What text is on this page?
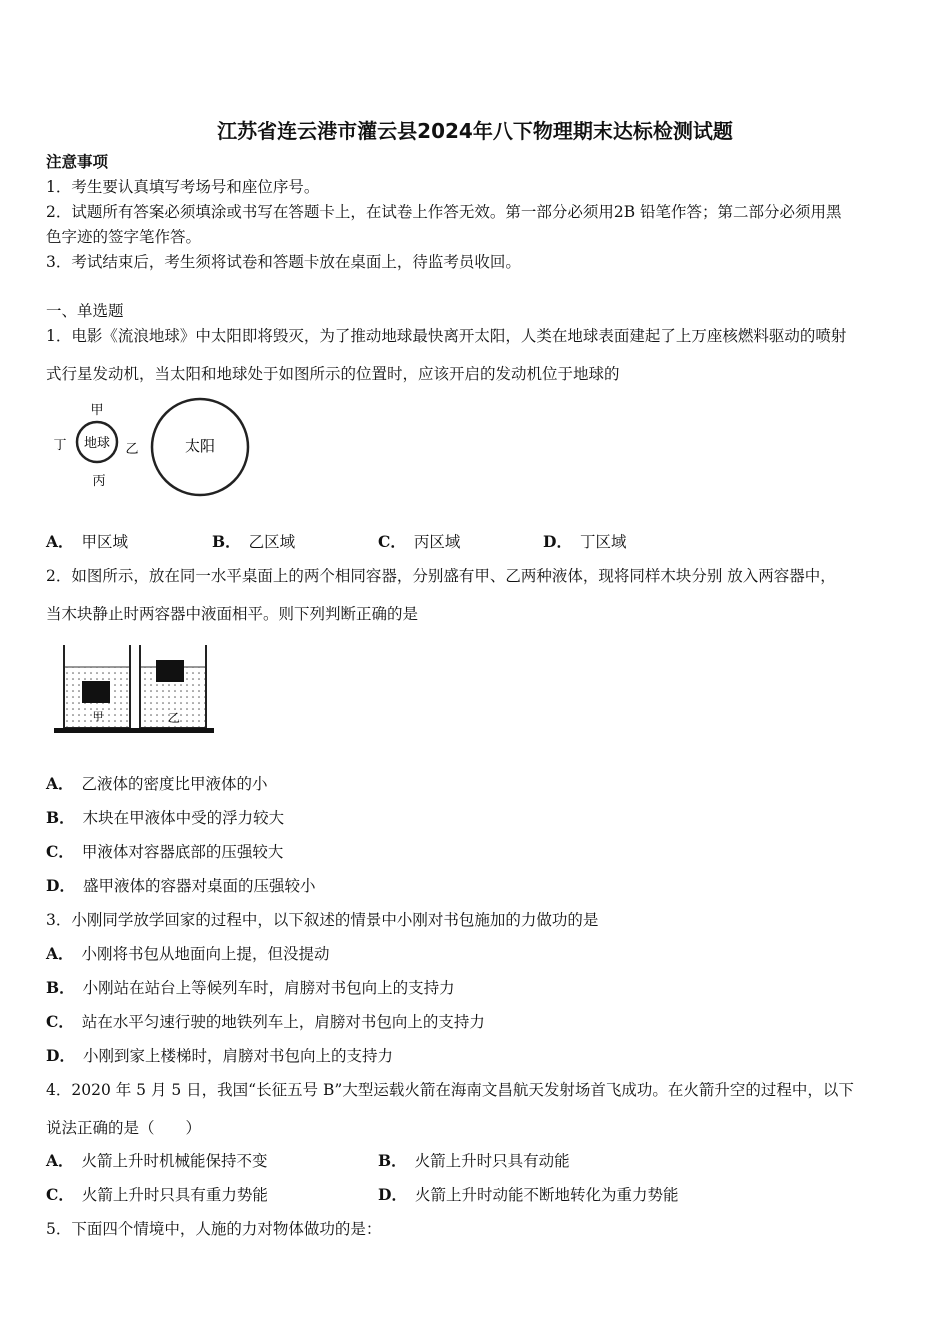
江苏省连云港市灌云县2024年八下物理期末达标检测试题
注意事项
1．考生要认真填写考场号和座位序号。
2．试题所有答案必须填涂或书写在答题卡上，在试卷上作答无效。第一部分必须用2B 铅笔作答；第二部分必须用黑
色字迹的签字笔作答。
3．考试结束后，考生须将试卷和答题卡放在桌面上，待监考员收回。
一、单选题
1．电影《流浪地球》中太阳即将毁灭，为了推动地球最快离开太阳，人类在地球表面建起了上万座核燃料驱动的喷射
式行星发动机，当太阳和地球处于如图所示的位置时，应该开启的发动机位于地球的
地球
甲
乙
丙
丁	太阳
A． 甲区域	B． 乙区域	C． 丙区域	D． 丁区域
2．如图所示，放在同一水平桌面上的两个相同容器，分别盛有甲、乙两种液体，现将同样木块分别 放入两容器中，
当木块静止时两容器中液面相平。则下列判断正确的是
甲	乙
A． 乙液体的密度比甲液体的小
B． 木块在甲液体中受的浮力较大
C． 甲液体对容器底部的压强较大
D． 盛甲液体的容器对桌面的压强较小
3．小刚同学放学回家的过程中，以下叙述的情景中小刚对书包施加的力做功的是
A． 小刚将书包从地面向上提，但没提动
B． 小刚站在站台上等候列车时，肩膀对书包向上的支持力
C． 站在水平匀速行驶的地铁列车上，肩膀对书包向上的支持力
D． 小刚到家上楼梯时，肩膀对书包向上的支持力
4．2020 年 5 月 5 日，我国“长征五号 B”大型运载火箭在海南文昌航天发射场首飞成功。在火箭升空的过程中，以下
说法正确的是（　　）
A． 火箭上升时机械能保持不变	B． 火箭上升时只具有动能
C． 火箭上升时只具有重力势能	D． 火箭上升时动能不断地转化为重力势能
5．下面四个情境中，人施的力对物体做功的是：
